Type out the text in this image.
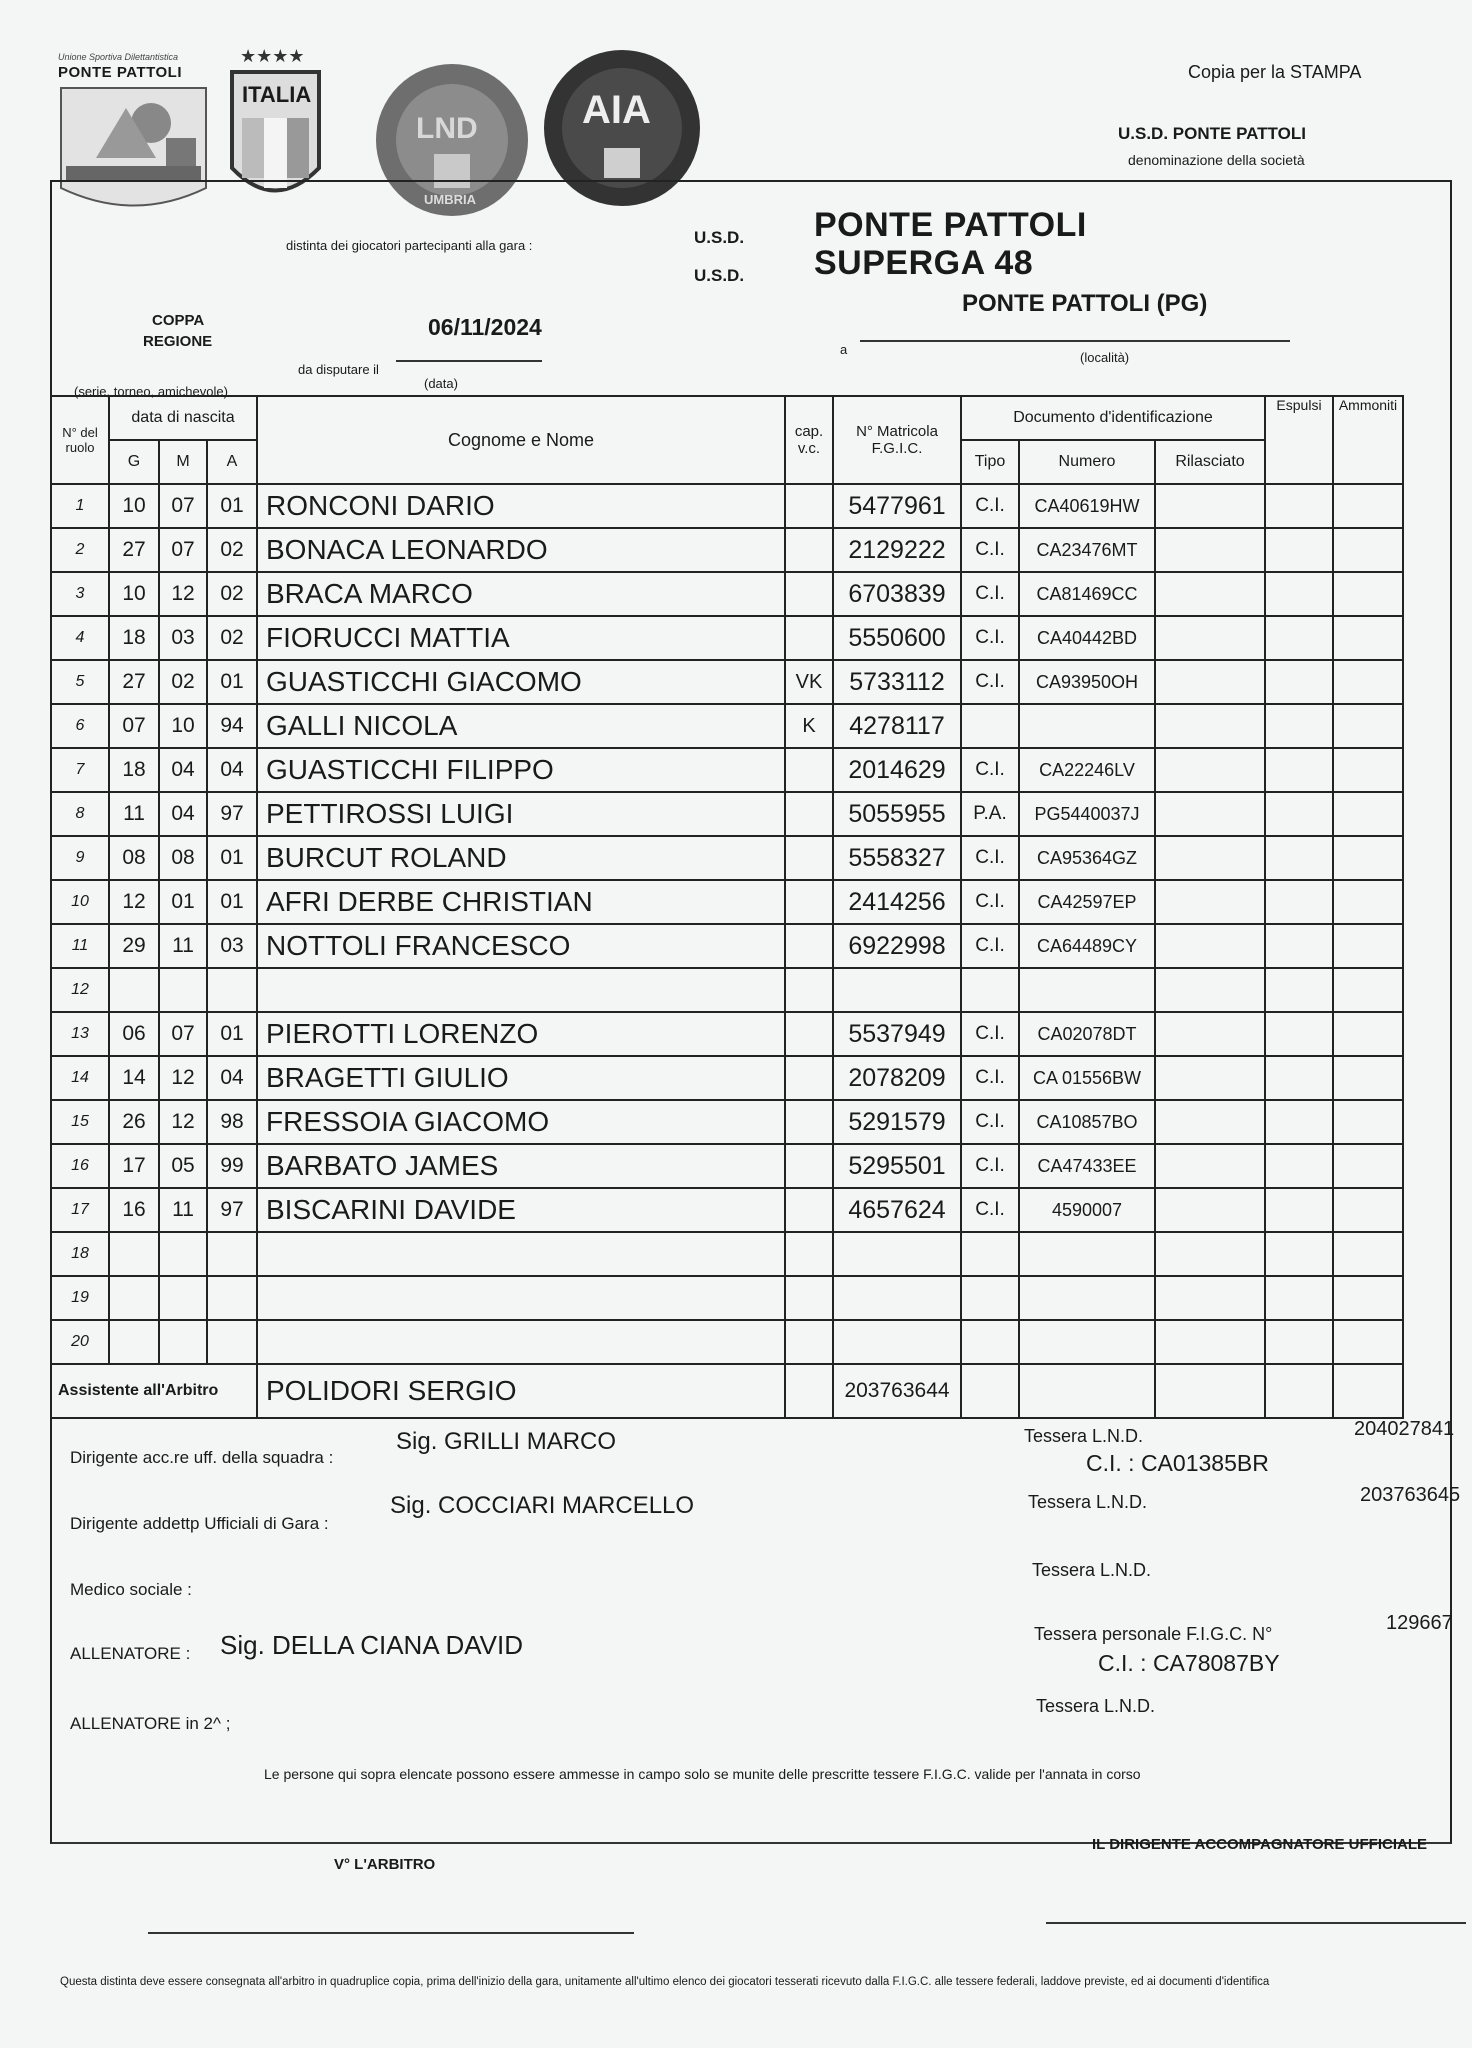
Unione Sportiva Dilettantistica
PONTE PATTOLI
★★★★
ITALIA
LND
UMBRIA
AIA
Copia per la STAMPA
U.S.D. PONTE PATTOLI
denominazione della società
distinta dei giocatori partecipanti alla gara :	U.S.D. PONTE PATTOLI
U.S.D. SUPERGA 48
COPPA
REGIONE
(serie, torneo, amichevole)
06/11/2024
da disputare il
(data)
PONTE PATTOLI (PG)
a
(località)
N° del ruolo	data di nascita			Cognome e Nome	cap. v.c.	N° Matricola F.G.I.C.	Documento d'identificazione			Espulsi	Ammoniti
	G	M	A				Tipo	Numero	Rilasciato		
1	10	07	01	RONCONI DARIO		5477961	C.I.	CA40619HW			
2	27	07	02	BONACA LEONARDO		2129222	C.I.	CA23476MT			
3	10	12	02	BRACA MARCO		6703839	C.I.	CA81469CC			
4	18	03	02	FIORUCCI MATTIA		5550600	C.I.	CA40442BD			
5	27	02	01	GUASTICCHI GIACOMO	VK	5733112	C.I.	CA93950OH			
6	07	10	94	GALLI NICOLA	K	4278117					
7	18	04	04	GUASTICCHI FILIPPO		2014629	C.I.	CA22246LV			
8	11	04	97	PETTIROSSI LUIGI		5055955	P.A.	PG5440037J			
9	08	08	01	BURCUT ROLAND		5558327	C.I.	CA95364GZ			
10	12	01	01	AFRI DERBE CHRISTIAN		2414256	C.I.	CA42597EP			
11	29	11	03	NOTTOLI FRANCESCO		6922998	C.I.	CA64489CY			
12											
13	06	07	01	PIEROTTI LORENZO		5537949	C.I.	CA02078DT			
14	14	12	04	BRAGETTI GIULIO		2078209	C.I.	CA 01556BW			
15	26	12	98	FRESSOIA GIACOMO		5291579	C.I.	CA10857BO			
16	17	05	99	BARBATO JAMES		5295501	C.I.	CA47433EE			
17	16	11	97	BISCARINI DAVIDE		4657624	C.I.	4590007			
18											
19											
20											
Assistente all'Arbitro				POLIDORI SERGIO		203763644					
Dirigente acc.re uff. della squadra :
Sig. GRILLI MARCO	Tessera L.N.D.	204027841
C.I. : CA01385BR
Dirigente addettp Ufficiali di Gara :
Sig. COCCIARI MARCELLO	Tessera L.N.D.	203763645
Medico sociale :
Tessera L.N.D.
ALLENATORE : Sig. DELLA CIANA DAVID	Tessera personale F.I.G.C. N°	129667
C.I. : CA78087BY
ALLENATORE in 2^ ;
Tessera L.N.D.
Le persone qui sopra elencate possono essere ammesse in campo solo se munite delle prescritte tessere F.I.G.C. valide per l'annata in corso
V° L'ARBITRO
IL DIRIGENTE ACCOMPAGNATORE UFFICIALE
Questa distinta deve essere consegnata all'arbitro in quadruplice copia, prima dell'inizio della gara, unitamente all'ultimo elenco dei giocatori tesserati ricevuto dalla F.I.G.C. alle tessere federali, laddove previste, ed ai documenti d'identifica
